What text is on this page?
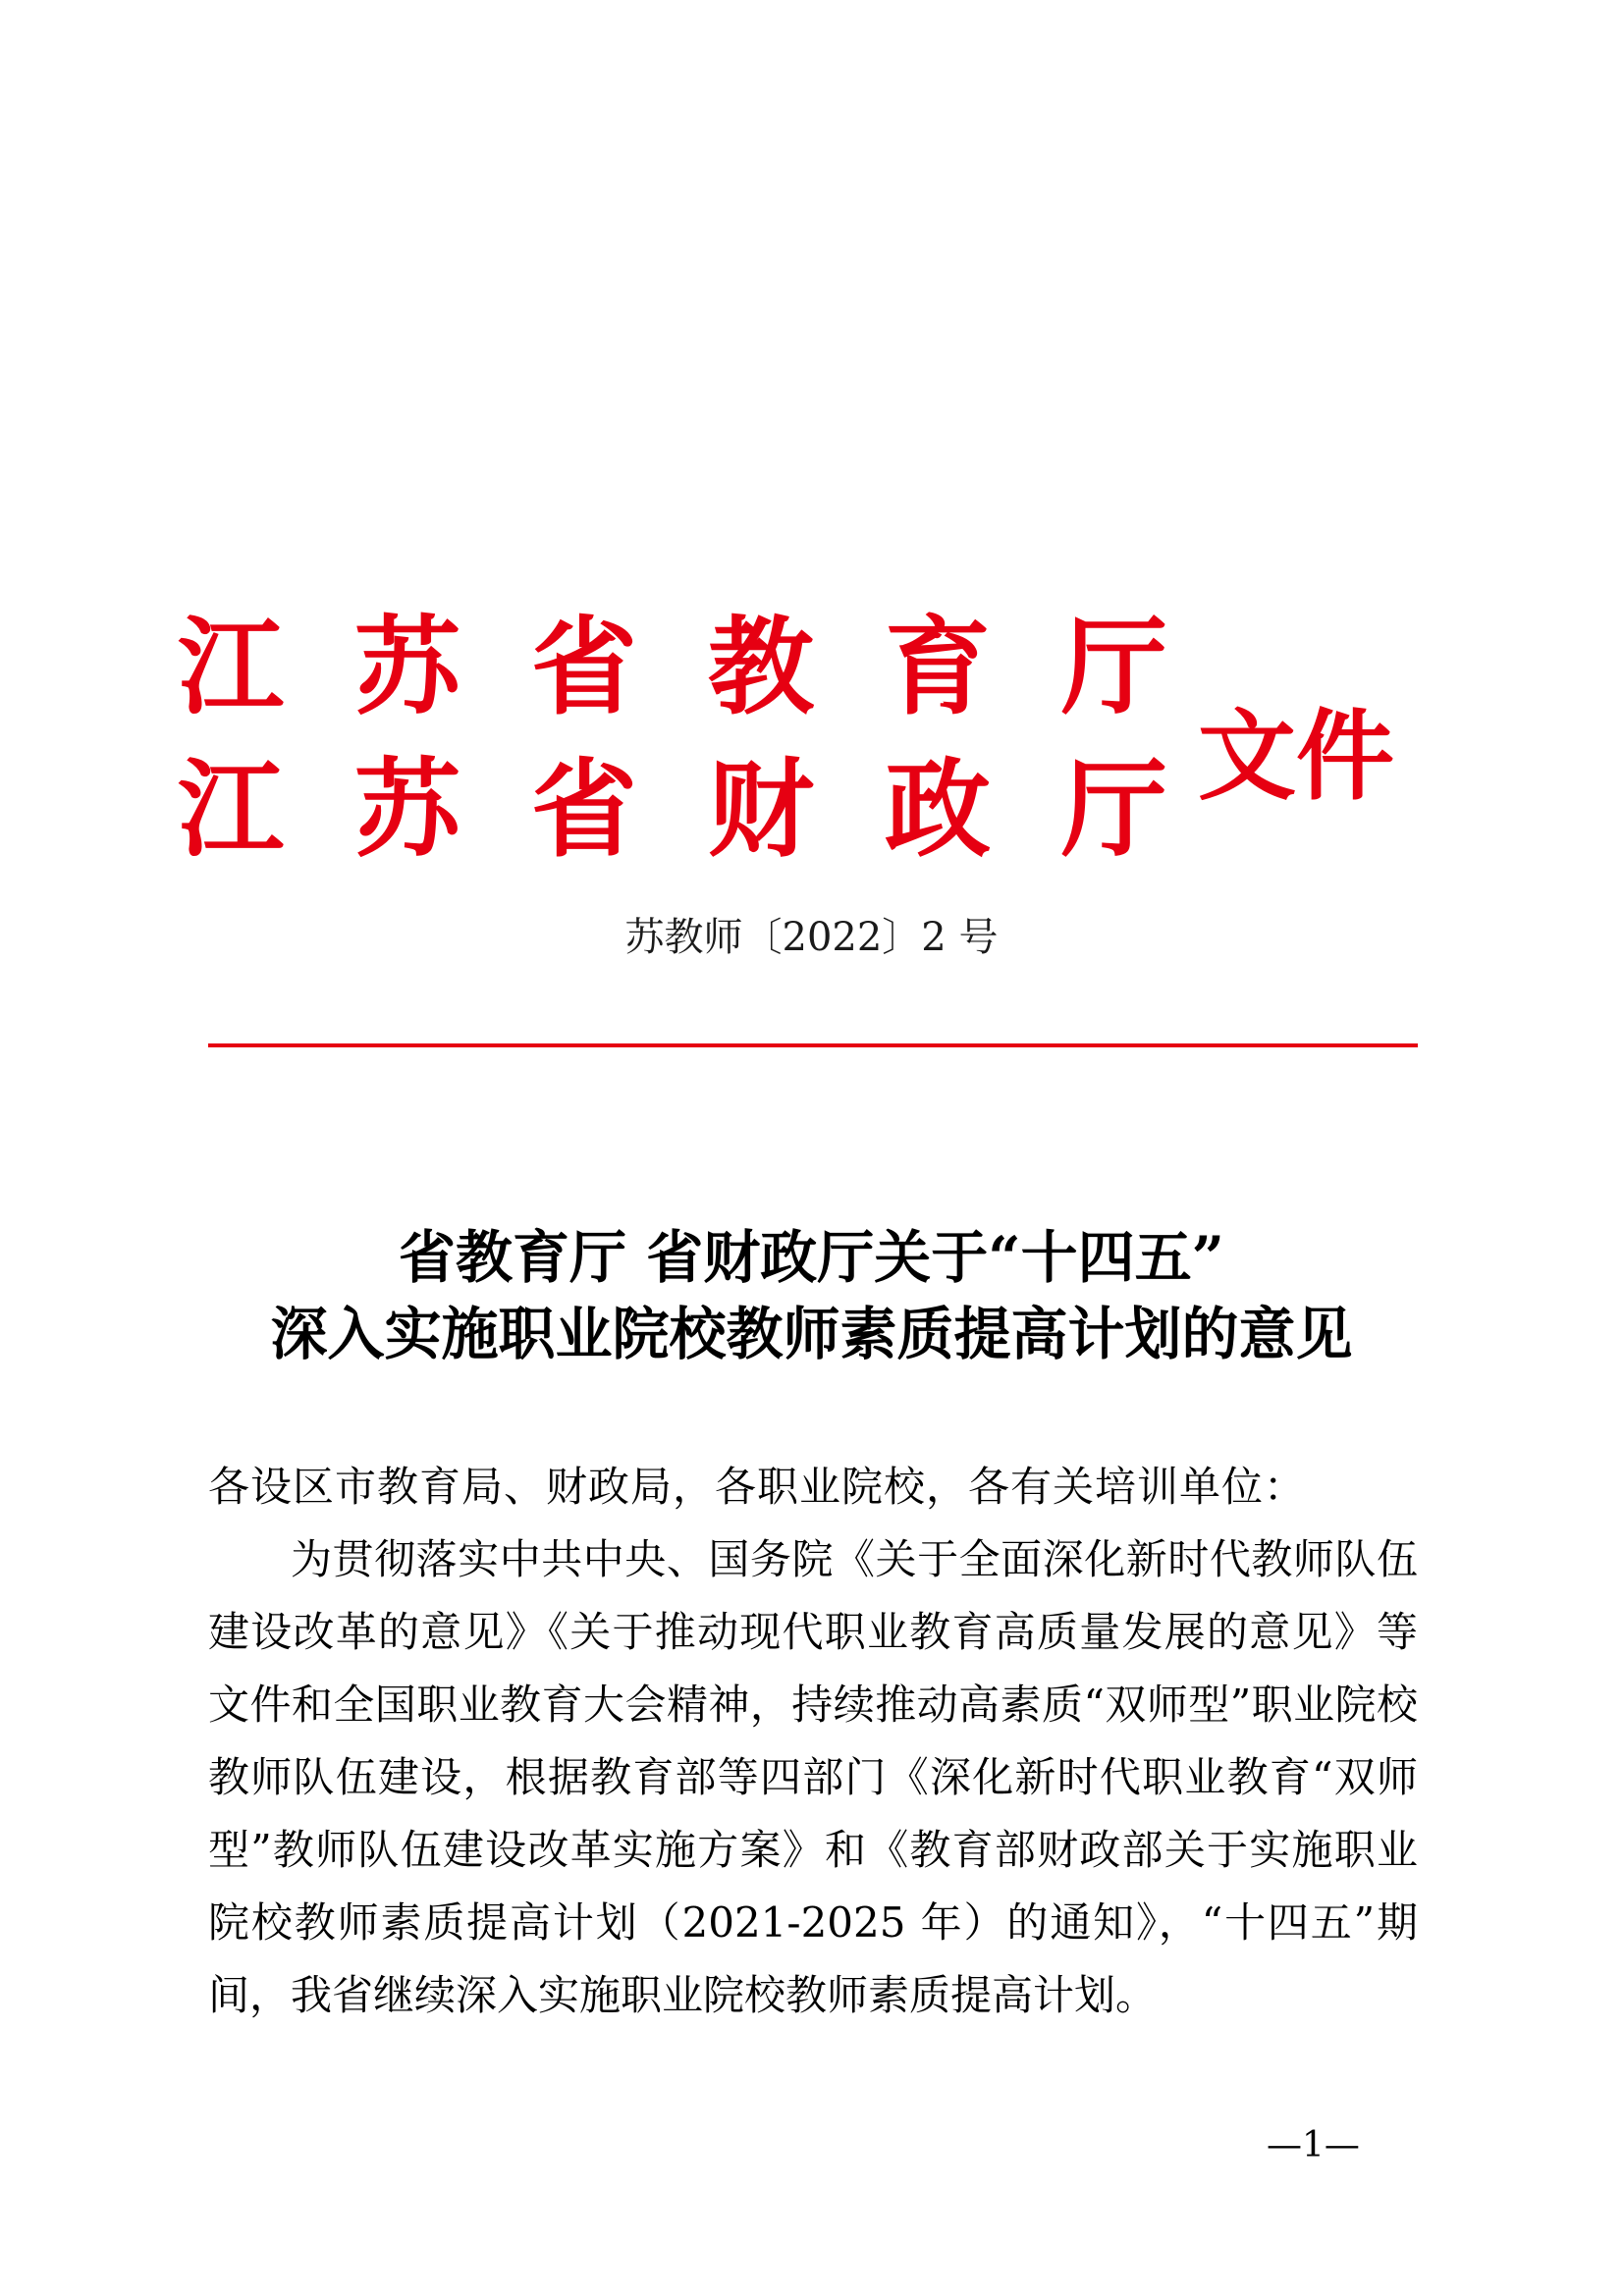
江 苏 省 教 育 厅
江 苏 省 财 政 厅 文件
苏教师〔2022〕2 号
省教育厅 省财政厅关于“十四五”
深入实施职业院校教师素质提高计划的意见

各设区市教育局、财政局，各职业院校，各有关培训单位：

为贯彻落实中共中央、国务院《关于全面深化新时代教师队伍建设改革的意见》《关于推动现代职业教育高质量发展的意见》等文件和全国职业教育大会精神，持续推动高素质“双师型”职业院校教师队伍建设，根据教育部等四部门《深化新时代职业教育“双师型”教师队伍建设改革实施方案》和《教育部财政部关于实施职业院校教师素质提高计划（2021-2025 年）的通知》，“十四五”期间，我省继续深入实施职业院校教师素质提高计划。

—1—
